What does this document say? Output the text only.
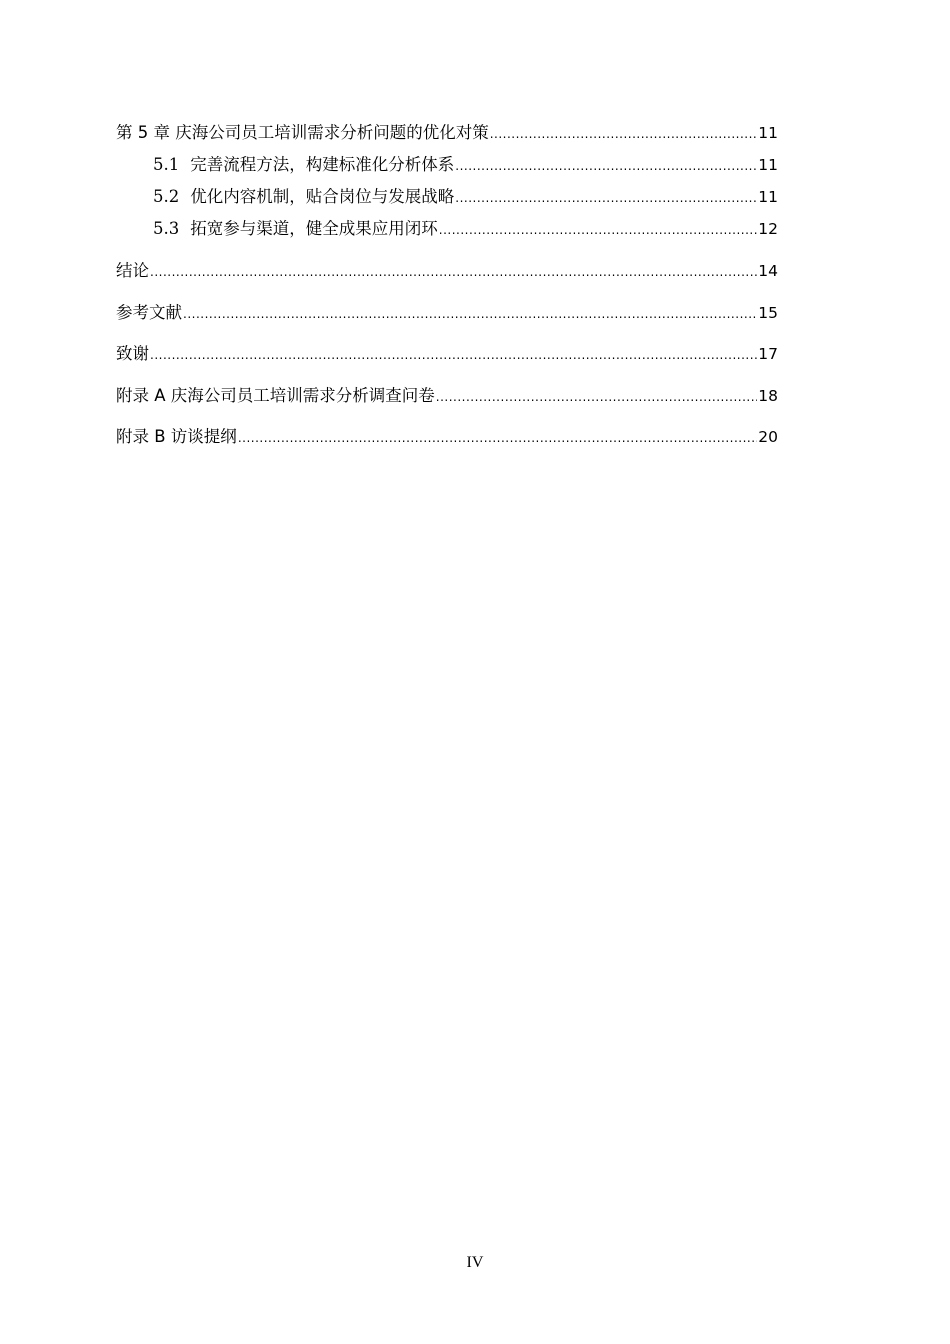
第 5 章 庆海公司员工培训需求分析问题的优化对策 .....	11
5.1 完善流程方法，构建标准化分析体系 .....	11
5.2 优化内容机制，贴合岗位与发展战略 .....	11
5.3 拓宽参与渠道，健全成果应用闭环 .....	12
结论 .....	14
参考文献 .....	15
致谢 .....	17
附录 A 庆海公司员工培训需求分析调查问卷 .....	18
附录 B 访谈提纲 .....	20
IV
